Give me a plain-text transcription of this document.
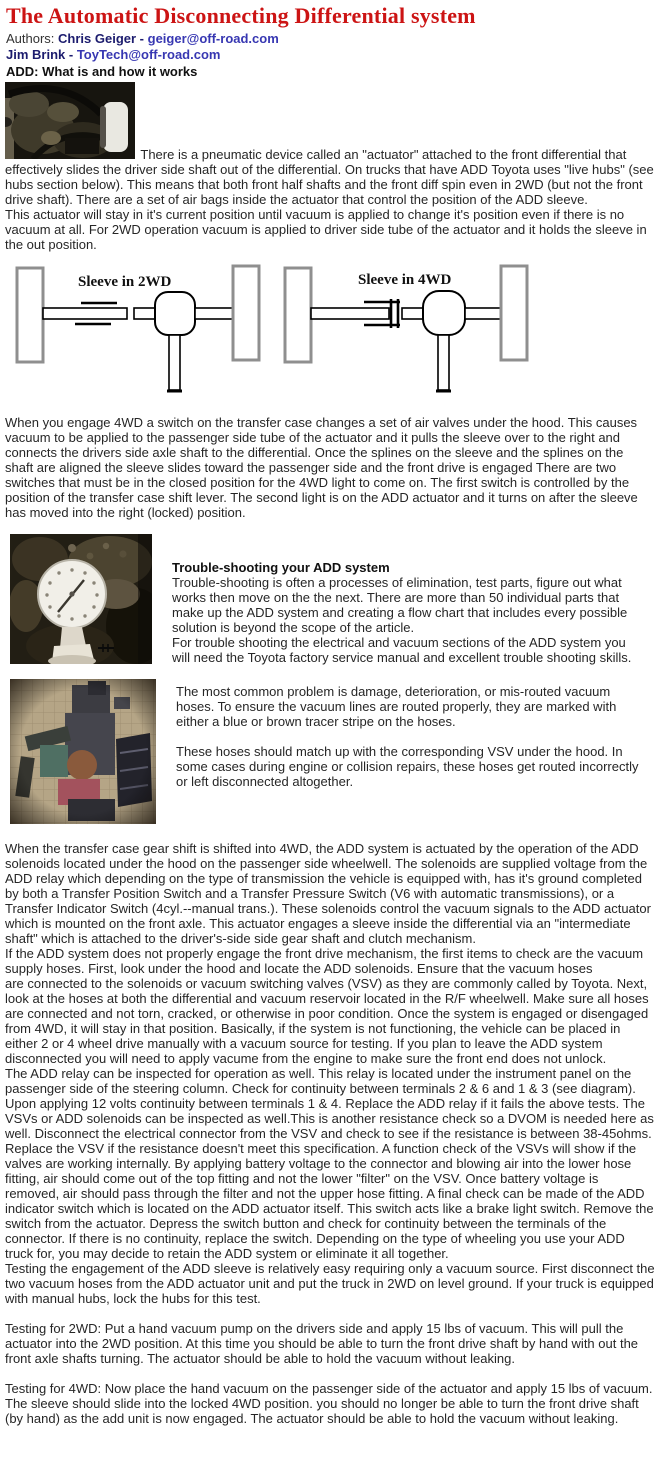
The Automatic Disconnecting Differential system
Authors: Chris Geiger - geiger@off-road.com
Jim Brink - ToyTech@off-road.com
ADD: What is and how it works
There is a pneumatic device called an "actuator" attached to the front differential that effectively slides the driver side shaft out of the differential. On trucks that have ADD Toyota uses "live hubs" (see hubs section below). This means that both front half shafts and the front diff spin even in 2WD (but not the front drive shaft). There are a set of air bags inside the actuator that control the position of the ADD sleeve.
This actuator will stay in it's current position until vacuum is applied to change it's position even if there is no vacuum at all. For 2WD operation vacuum is applied to driver side tube of the actuator and it holds the sleeve in the out position.
Sleeve in 2WD	Sleeve in 4WD
When you engage 4WD a switch on the transfer case changes a set of air valves under the hood. This causes vacuum to be applied to the passenger side tube of the actuator and it pulls the sleeve over to the right and connects the drivers side axle shaft to the differential. Once the splines on the sleeve and the splines on the shaft are aligned the sleeve slides toward the passenger side and the front drive is engaged There are two switches that must be in the closed position for the 4WD light to come on. The first switch is controlled by the position of the transfer case shift lever. The second light is on the ADD actuator and it turns on after the sleeve has moved into the right (locked) position.
Trouble-shooting your ADD system
Trouble-shooting is often a processes of elimination, test parts, figure out what works then move on the the next. There are more than 50 individual parts that make up the ADD system and creating a flow chart that includes every possible solution is beyond the scope of the article.
For trouble shooting the electrical and vacuum sections of the ADD system you will need the Toyota factory service manual and excellent trouble shooting skills.
The most common problem is damage, deterioration, or mis-routed vacuum hoses. To ensure the vacuum lines are routed properly, they are marked with either a blue or brown tracer stripe on the hoses.
These hoses should match up with the corresponding VSV under the hood. In some cases during engine or collision repairs, these hoses get routed incorrectly or left disconnected altogether.
When the transfer case gear shift is shifted into 4WD, the ADD system is actuated by the operation of the ADD solenoids located under the hood on the passenger side wheelwell. The solenoids are supplied voltage from the ADD relay which depending on the type of transmission the vehicle is equipped with, has it's ground completed by both a Transfer Position Switch and a Transfer Pressure Switch (V6 with automatic transmissions), or a Transfer Indicator Switch (4cyl.--manual trans.). These solenoids control the vacuum signals to the ADD actuator which is mounted on the front axle. This actuator engages a sleeve inside the differential via an "intermediate shaft" which is attached to the driver's-side side gear shaft and clutch mechanism.
If the ADD system does not properly engage the front drive mechanism, the first items to check are the vacuum supply hoses. First, look under the hood and locate the ADD solenoids. Ensure that the vacuum hoses
are connected to the solenoids or vacuum switching valves (VSV) as they are commonly called by Toyota. Next, look at the hoses at both the differential and vacuum reservoir located in the R/F wheelwell. Make sure all hoses are connected and not torn, cracked, or otherwise in poor condition. Once the system is engaged or disengaged from 4WD, it will stay in that position. Basically, if the system is not functioning, the vehicle can be placed in either 2 or 4 wheel drive manually with a vacuum source for testing. If you plan to leave the ADD system disconnected you will need to apply vacume from the engine to make sure the front end does not unlock.
The ADD relay can be inspected for operation as well. This relay is located under the instrument panel on the passenger side of the steering column. Check for continuity between terminals 2 & 6 and 1 & 3 (see diagram). Upon applying 12 volts continuity between terminals 1 & 4. Replace the ADD relay if it fails the above tests. The VSVs or ADD solenoids can be inspected as well.This is another resistance check so a DVOM is needed here as well. Disconnect the electrical connector from the VSV and check to see if the resistance is between 38-45ohms. Replace the VSV if the resistance doesn't meet this specification. A function check of the VSVs will show if the valves are working internally. By applying battery voltage to the connector and blowing air into the lower hose fitting, air should come out of the top fitting and not the lower "filter" on the VSV. Once battery voltage is removed, air should pass through the filter and not the upper hose fitting. A final check can be made of the ADD indicator switch which is located on the ADD actuator itself. This switch acts like a brake light switch. Remove the switch from the actuator. Depress the switch button and check for continuity between the terminals of the connector. If there is no continuity, replace the switch. Depending on the type of wheeling you use your ADD truck for, you may decide to retain the ADD system or eliminate it all together.
Testing the engagement of the ADD sleeve is relatively easy requiring only a vacuum source. First disconnect the two vacuum hoses from the ADD actuator unit and put the truck in 2WD on level ground. If your truck is equipped with manual hubs, lock the hubs for this test.
Testing for 2WD: Put a hand vacuum pump on the drivers side and apply 15 lbs of vacuum. This will pull the actuator into the 2WD position. At this time you should be able to turn the front drive shaft by hand with out the front axle shafts turning. The actuator should be able to hold the vacuum without leaking.
Testing for 4WD: Now place the hand vacuum on the passenger side of the actuator and apply 15 lbs of vacuum. The sleeve should slide into the locked 4WD position. you should no longer be able to turn the front drive shaft (by hand) as the add unit is now engaged. The actuator should be able to hold the vacuum without leaking.
